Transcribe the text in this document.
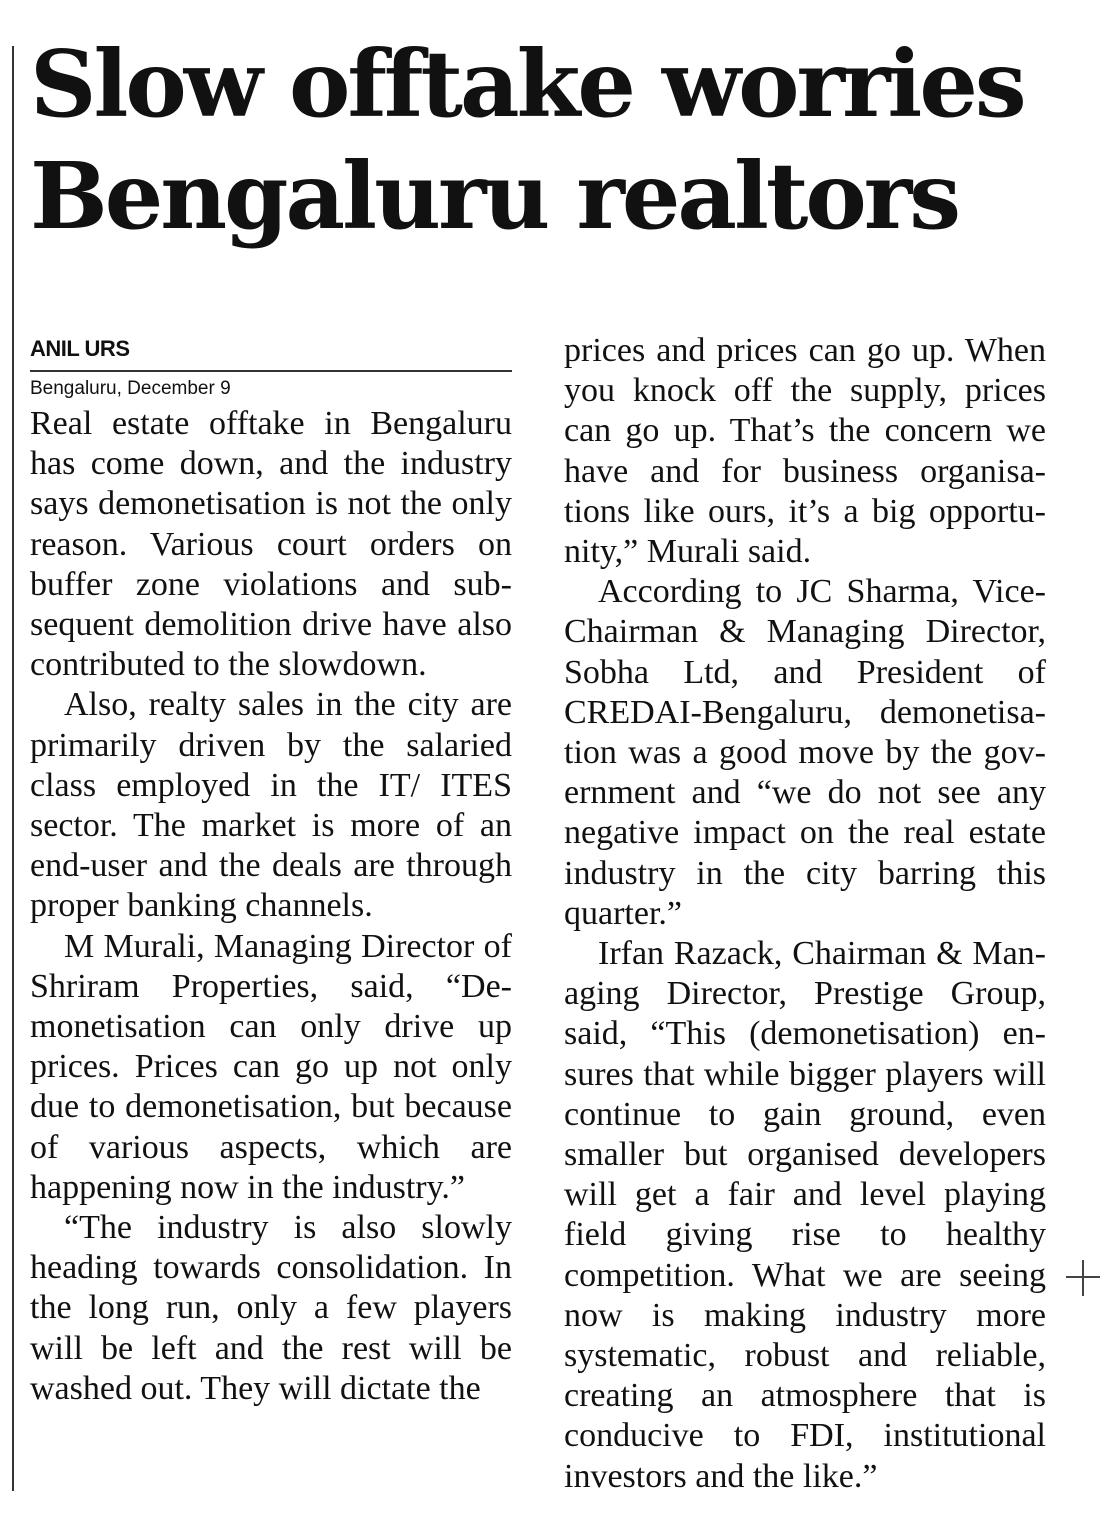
Slow offtake worries
Bengaluru realtors
ANIL URS
Bengaluru, December 9

Real estate offtake in Bengaluru has come down, and the industry says demonetisation is not the only reason. Various court orders on buffer zone violations and subsequent demolition drive have also contributed to the slowdown.

Also, realty sales in the city are primarily driven by the salaried class employed in the IT/ ITES sector. The market is more of an end-user and the deals are through proper banking channels.

M Murali, Managing Director of Shriram Properties, said, “Demonetisation can only drive up prices. Prices can go up not only due to demonetisation, but because of various aspects, which are happening now in the industry.”

“The industry is also slowly heading towards consolidation. In the long run, only a few players will be left and the rest will be washed out. They will dictate the

prices and prices can go up. When you knock off the supply, prices can go up. That’s the concern we have and for business organisations like ours, it’s a big opportunity,” Murali said.

According to JC Sharma, Vice-Chairman & Managing Director, Sobha Ltd, and President of CREDAI-Bengaluru, demonetisation was a good move by the government and “we do not see any negative impact on the real estate industry in the city barring this quarter.”

Irfan Razack, Chairman & Managing Director, Prestige Group, said, “This (demonetisation) ensures that while bigger players will continue to gain ground, even smaller but organised developers will get a fair and level playing field giving rise to healthy competition. What we are seeing now is making industry more systematic, robust and reliable, creating an atmosphere that is conducive to FDI, institutional investors and the like.”
